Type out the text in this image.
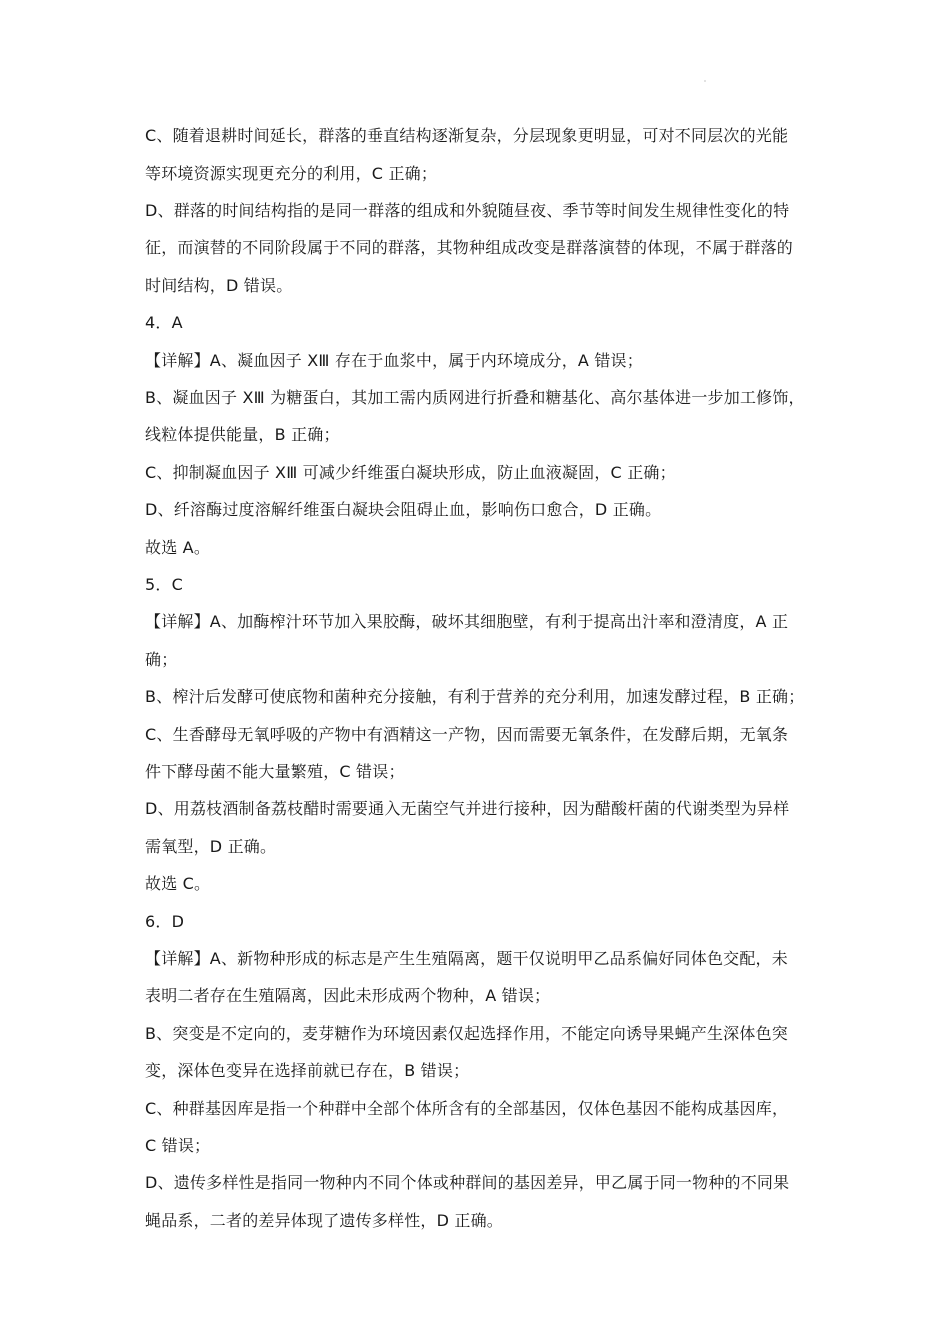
C、随着退耕时间延长，群落的垂直结构逐渐复杂，分层现象更明显，可对不同层次的光能
等环境资源实现更充分的利用，C 正确；
D、群落的时间结构指的是同一群落的组成和外貌随昼夜、季节等时间发生规律性变化的特
征，而演替的不同阶段属于不同的群落，其物种组成改变是群落演替的体现，不属于群落的
时间结构，D 错误。
4．A
【详解】A、凝血因子 XⅢ 存在于血浆中，属于内环境成分，A 错误；
B、凝血因子 XⅢ 为糖蛋白，其加工需内质网进行折叠和糖基化、高尔基体进一步加工修饰，
线粒体提供能量，B 正确；
C、抑制凝血因子 XⅢ 可减少纤维蛋白凝块形成，防止血液凝固，C 正确；
D、纤溶酶过度溶解纤维蛋白凝块会阻碍止血，影响伤口愈合，D 正确。
故选 A。
5．C
【详解】A、加酶榨汁环节加入果胶酶，破坏其细胞壁，有利于提高出汁率和澄清度，A 正
确；
B、榨汁后发酵可使底物和菌种充分接触，有利于营养的充分利用，加速发酵过程，B 正确；
C、生香酵母无氧呼吸的产物中有酒精这一产物，因而需要无氧条件，在发酵后期，无氧条
件下酵母菌不能大量繁殖，C 错误；
D、用荔枝酒制备荔枝醋时需要通入无菌空气并进行接种，因为醋酸杆菌的代谢类型为异样
需氧型，D 正确。
故选 C。
6．D
【详解】A、新物种形成的标志是产生生殖隔离，题干仅说明甲乙品系偏好同体色交配，未
表明二者存在生殖隔离，因此未形成两个物种，A 错误；
B、突变是不定向的，麦芽糖作为环境因素仅起选择作用，不能定向诱导果蝇产生深体色突
变，深体色变异在选择前就已存在，B 错误；
C、种群基因库是指一个种群中全部个体所含有的全部基因，仅体色基因不能构成基因库，
C 错误；
D、遗传多样性是指同一物种内不同个体或种群间的基因差异，甲乙属于同一物种的不同果
蝇品系，二者的差异体现了遗传多样性，D 正确。
